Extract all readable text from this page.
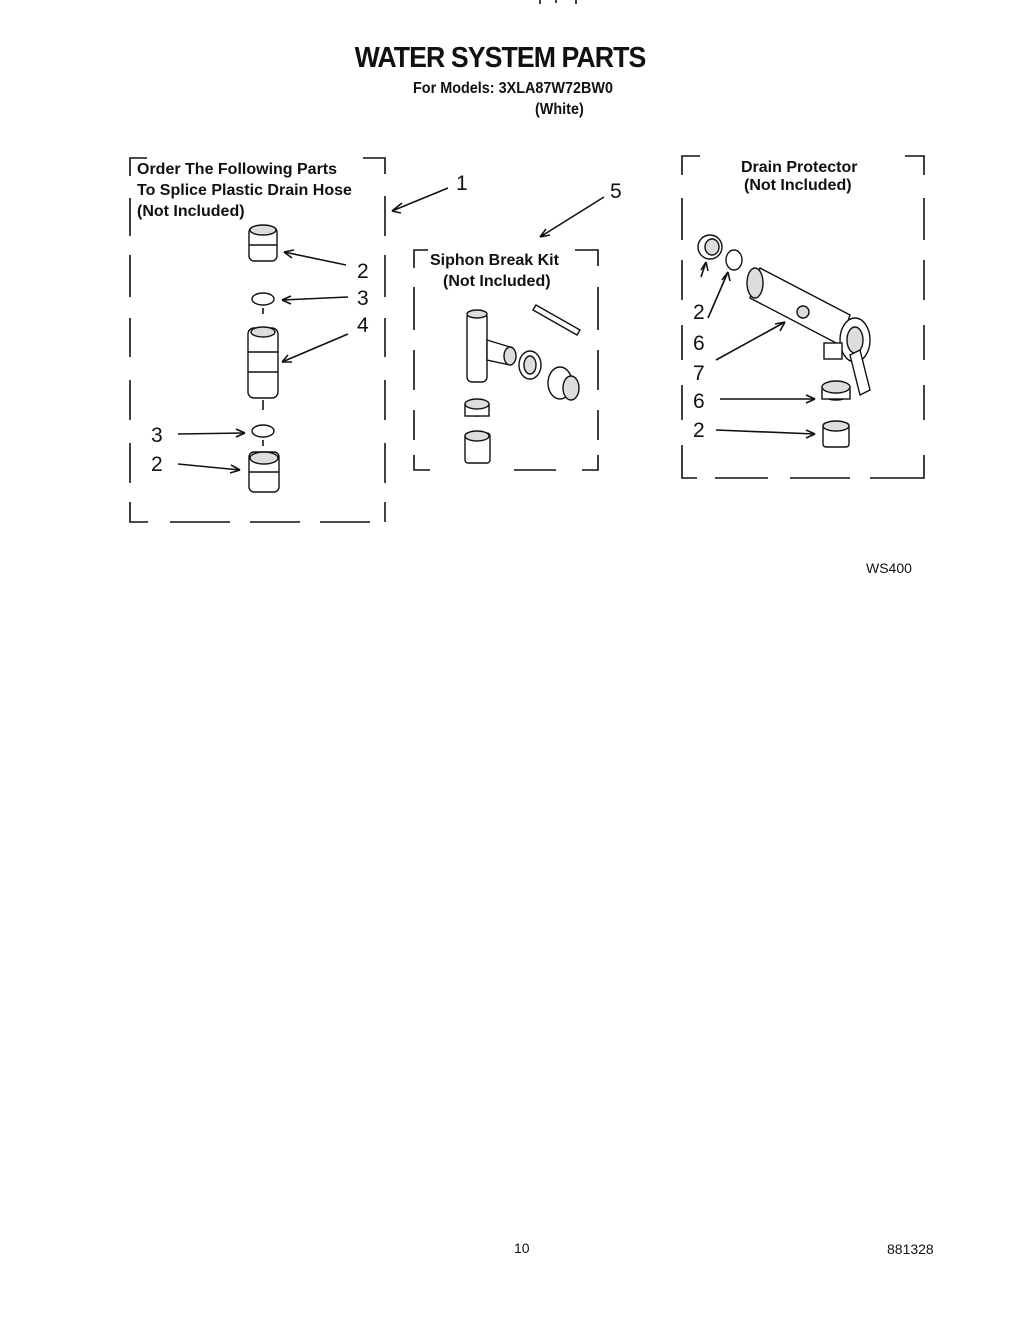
WATER SYSTEM PARTS
For Models: 3XLA87W72BW0
(White)
Order The Following Parts
To Splice Plastic Drain Hose
(Not Included)
1
2
3
4
3
2
Siphon Break Kit
(Not Included)
5
Drain Protector
(Not Included)
2
6
7
6
2
WS400
10	881328
